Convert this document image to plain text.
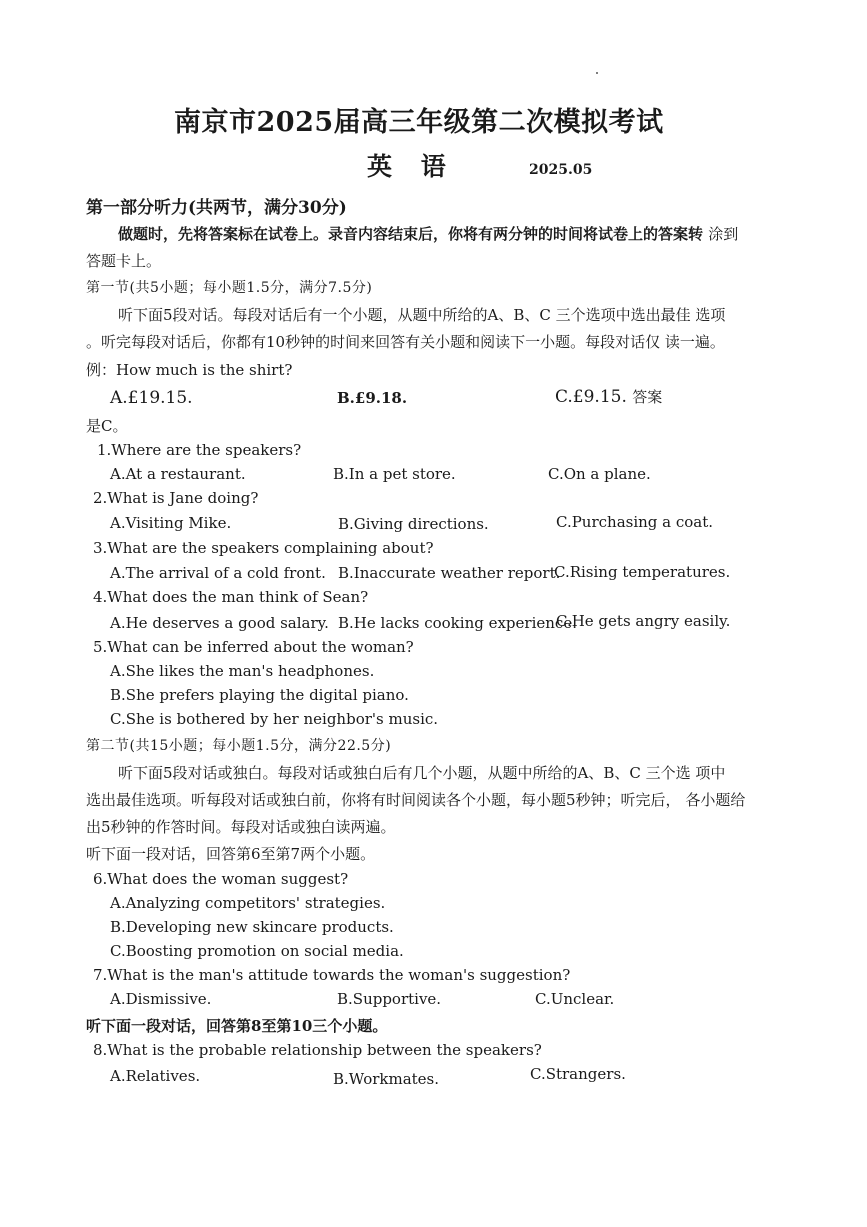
南京市2025届高三年级第二次模拟考试
英 语	2025.05
第一部分听力(共两节，满分30分)
做题时，先将答案标在试卷上。录音内容结束后，你将有两分钟的时间将试卷上的答案转 涂到
答题卡上。
第一节(共5小题；每小题1.5分，满分7.5分)
听下面5段对话。每段对话后有一个小题，从题中所给的A、B、C 三个选项中选出最佳 选项
。听完每段对话后，你都有10秒钟的时间来回答有关小题和阅读下一小题。每段对话仅 读一遍。
例：How much is the shirt?
A.£19.15.	B.£9.18.	C.£9.15. 答案
是C。
1.Where are the speakers?
A.At a restaurant.	B.In a pet store.	C.On a plane.
2.What is Jane doing?
A.Visiting Mike.	B.Giving directions.	C.Purchasing a coat.
3.What are the speakers complaining about?
A.The arrival of a cold front. B.Inaccurate weather report.
C.Rising temperatures.
4.What does the man think of Sean?
A.He deserves a good salary. B.He lacks cooking experience.
C.He gets angry easily.
5.What can be inferred about the woman?
A.She likes the man's headphones.
B.She prefers playing the digital piano.
C.She is bothered by her neighbor's music.
第二节(共15小题；每小题1.5分，满分22.5分)
听下面5段对话或独白。每段对话或独白后有几个小题，从题中所给的A、B、C 三个选 项中
选出最佳选项。听每段对话或独白前，你将有时间阅读各个小题，每小题5秒钟；听完后， 各小题给
出5秒钟的作答时间。每段对话或独白读两遍。
听下面一段对话，回答第6至第7两个小题。
6.What does the woman suggest?
A.Analyzing competitors' strategies.
B.Developing new skincare products.
C.Boosting promotion on social media.
7.What is the man's attitude towards the woman's suggestion?
A.Dismissive.	B.Supportive.	C.Unclear.
听下面一段对话，回答第8至第10三个小题。
8.What is the probable relationship between the speakers?
A.Relatives.	B.Workmates.	C.Strangers.
